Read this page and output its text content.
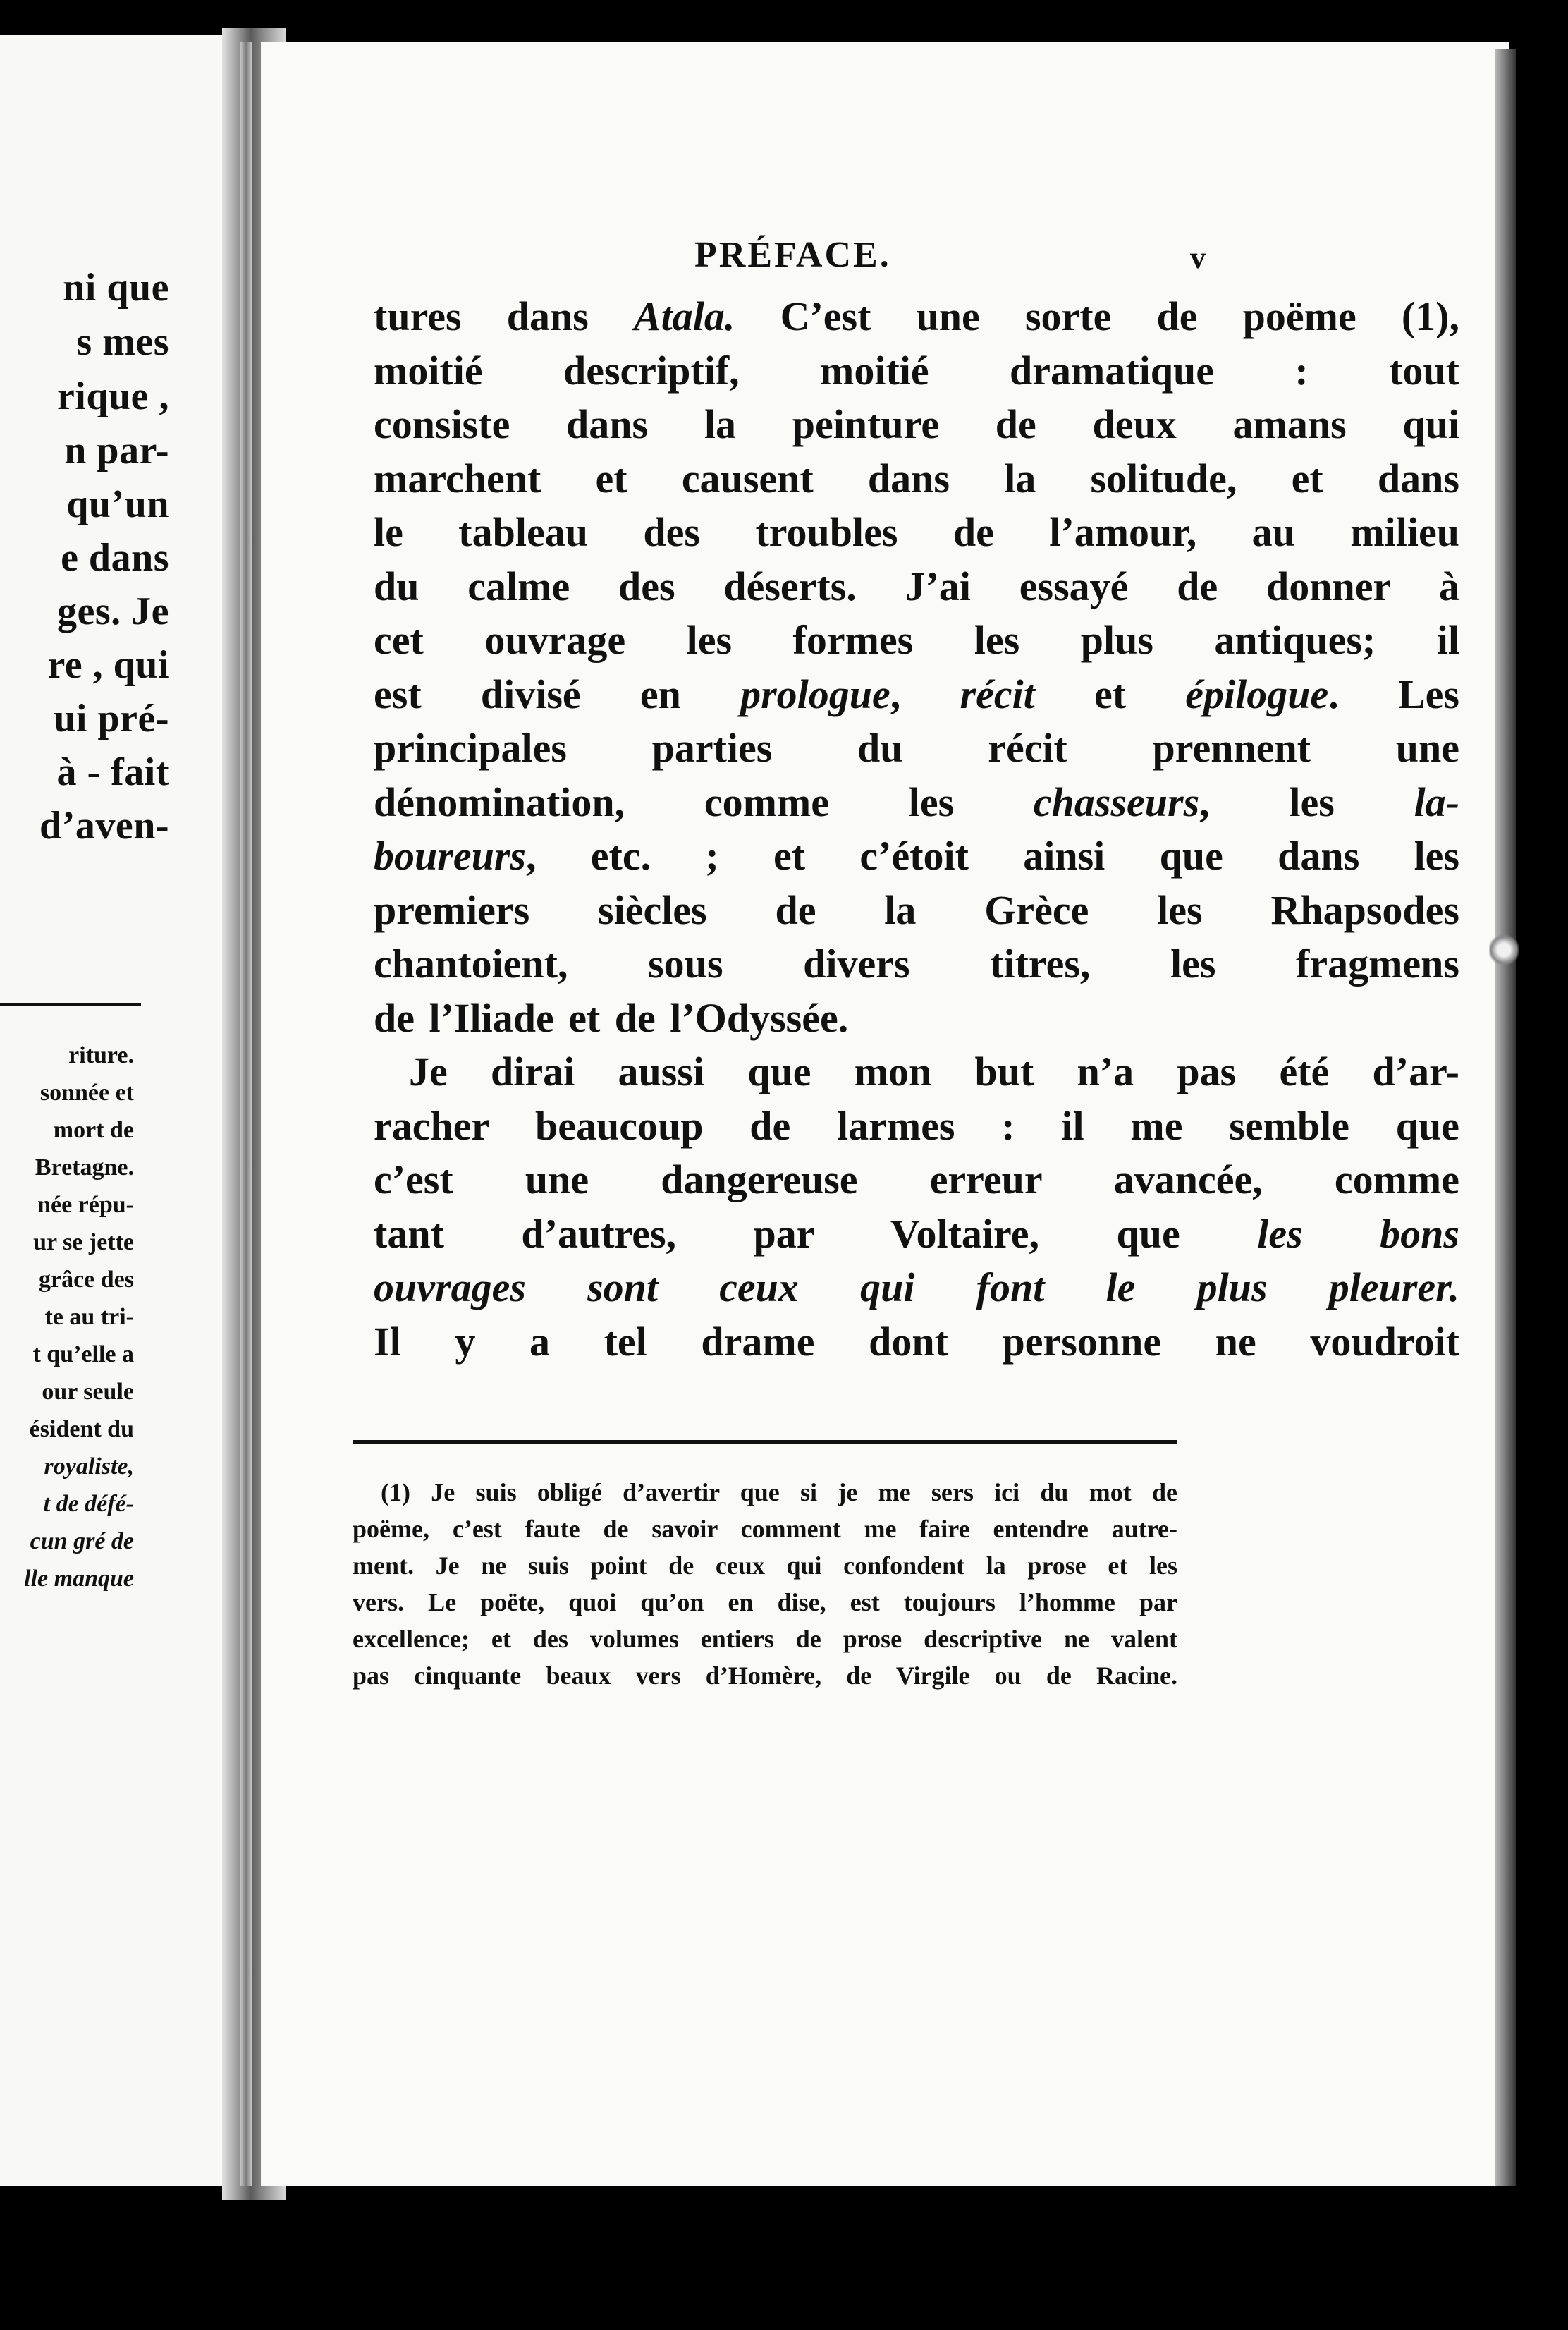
ni que
s mes
rique ,
n par-
qu’un
e dans
ges. Je
re , qui
ui pré-
à - fait
d’aven-
riture.
sonnée et
mort de
Bretagne.
née répu-
ur se jette
grâce des
te au tri-
t qu’elle a
our seule
ésident du
royaliste,
t de défé-
cun gré de
lle manque
PRÉFACE.	v
tures dans Atala. C’est une sorte de poëme (1),
moitié descriptif, moitié dramatique : tout
consiste dans la peinture de deux amans qui
marchent et causent dans la solitude, et dans
le tableau des troubles de l’amour, au milieu
du calme des déserts. J’ai essayé de donner à
cet ouvrage les formes les plus antiques; il
est divisé en prologue, récit et épilogue. Les
principales parties du récit prennent une
dénomination, comme les chasseurs, les la-
boureurs, etc. ; et c’étoit ainsi que dans les
premiers siècles de la Grèce les Rhapsodes
chantoient, sous divers titres, les fragmens
de l’Iliade et de l’Odyssée.
Je dirai aussi que mon but n’a pas été d’ar-
racher beaucoup de larmes : il me semble que
c’est une dangereuse erreur avancée, comme
tant d’autres, par Voltaire, que les bons
ouvrages sont ceux qui font le plus pleurer.
Il y a tel drame dont personne ne voudroit
(1) Je suis obligé d’avertir que si je me sers ici du mot de
poëme, c’est faute de savoir comment me faire entendre autre-
ment. Je ne suis point de ceux qui confondent la prose et les
vers. Le poëte, quoi qu’on en dise, est toujours l’homme par
excellence; et des volumes entiers de prose descriptive ne valent
pas cinquante beaux vers d’Homère, de Virgile ou de Racine.
